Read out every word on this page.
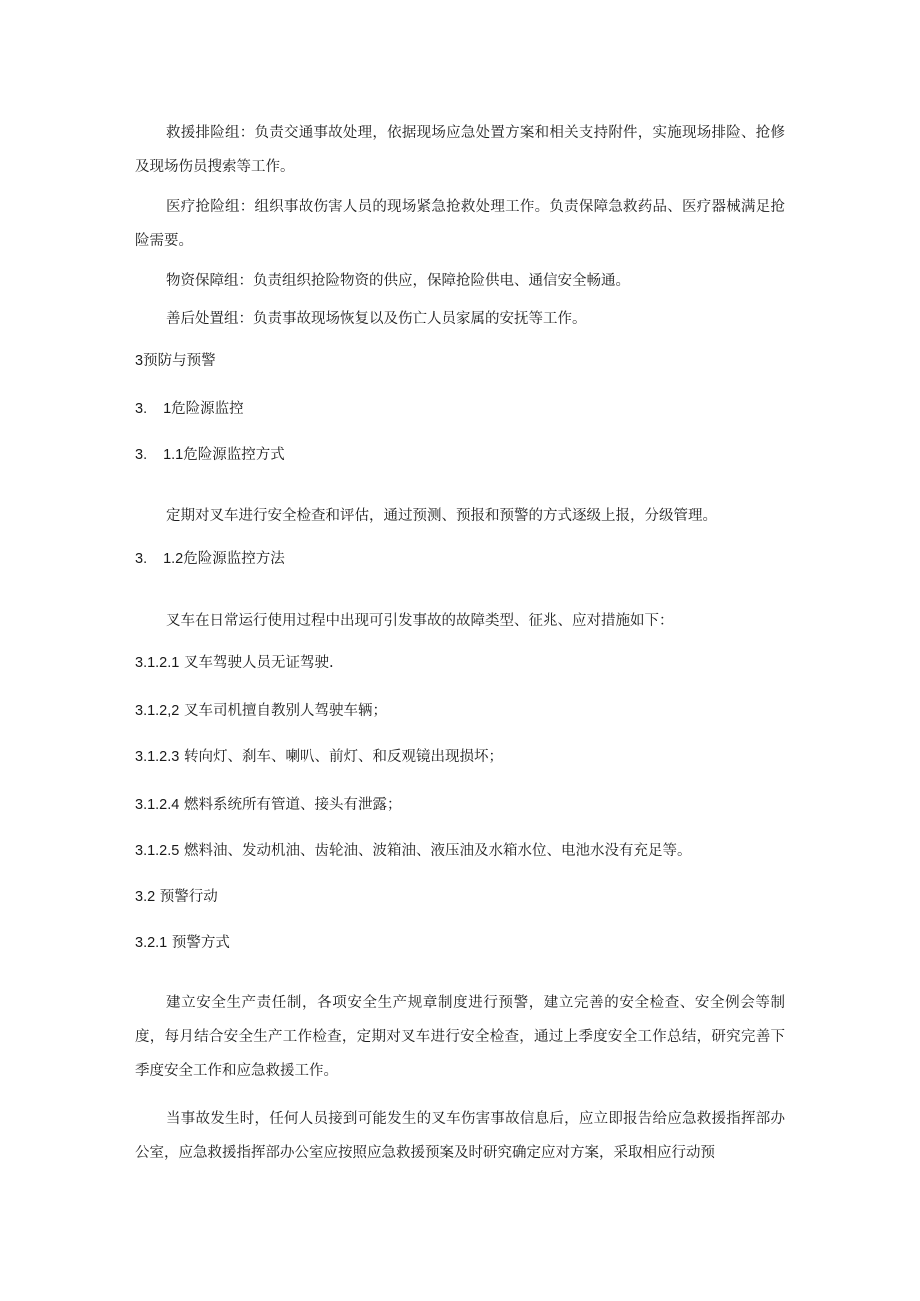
救援排险组：负责交通事故处理，依据现场应急处置方案和相关支持附件，实施现场排险、抢修及现场伤员搜索等工作。

医疗抢险组：组织事故伤害人员的现场紧急抢救处理工作。负责保障急救药品、医疗器械满足抢险需要。

物资保障组：负责组织抢险物资的供应，保障抢险供电、通信安全畅通。

善后处置组：负责事故现场恢复以及伤亡人员家属的安抚等工作。

3预防与预警
3. 1危险源监控
3. 1.1危险源监控方式

定期对叉车进行安全检查和评估，通过预测、预报和预警的方式逐级上报，分级管理。

3. 1.2危险源监控方法

叉车在日常运行使用过程中出现可引发事故的故障类型、征兆、应对措施如下：

3.1.2.1 叉车驾驶人员无证驾驶.
3.1.2,2 叉车司机擅自教别人驾驶车辆；
3.1.2.3 转向灯、刹车、喇叭、前灯、和反观镜出现损坏；
3.1.2.4 燃料系统所有管道、接头有泄露；
3.1.2.5 燃料油、发动机油、齿轮油、波箱油、液压油及水箱水位、电池水没有充足等。
3.2 预警行动
3.2.1 预警方式

建立安全生产责任制，各项安全生产规章制度进行预警，建立完善的安全检查、安全例会等制度，每月结合安全生产工作检查，定期对叉车进行安全检查，通过上季度安全工作总结，研究完善下季度安全工作和应急救援工作。

当事故发生时，任何人员接到可能发生的叉车伤害事故信息后，应立即报告给应急救援指挥部办公室，应急救援指挥部办公室应按照应急救援预案及时研究确定应对方案，采取相应行动预
